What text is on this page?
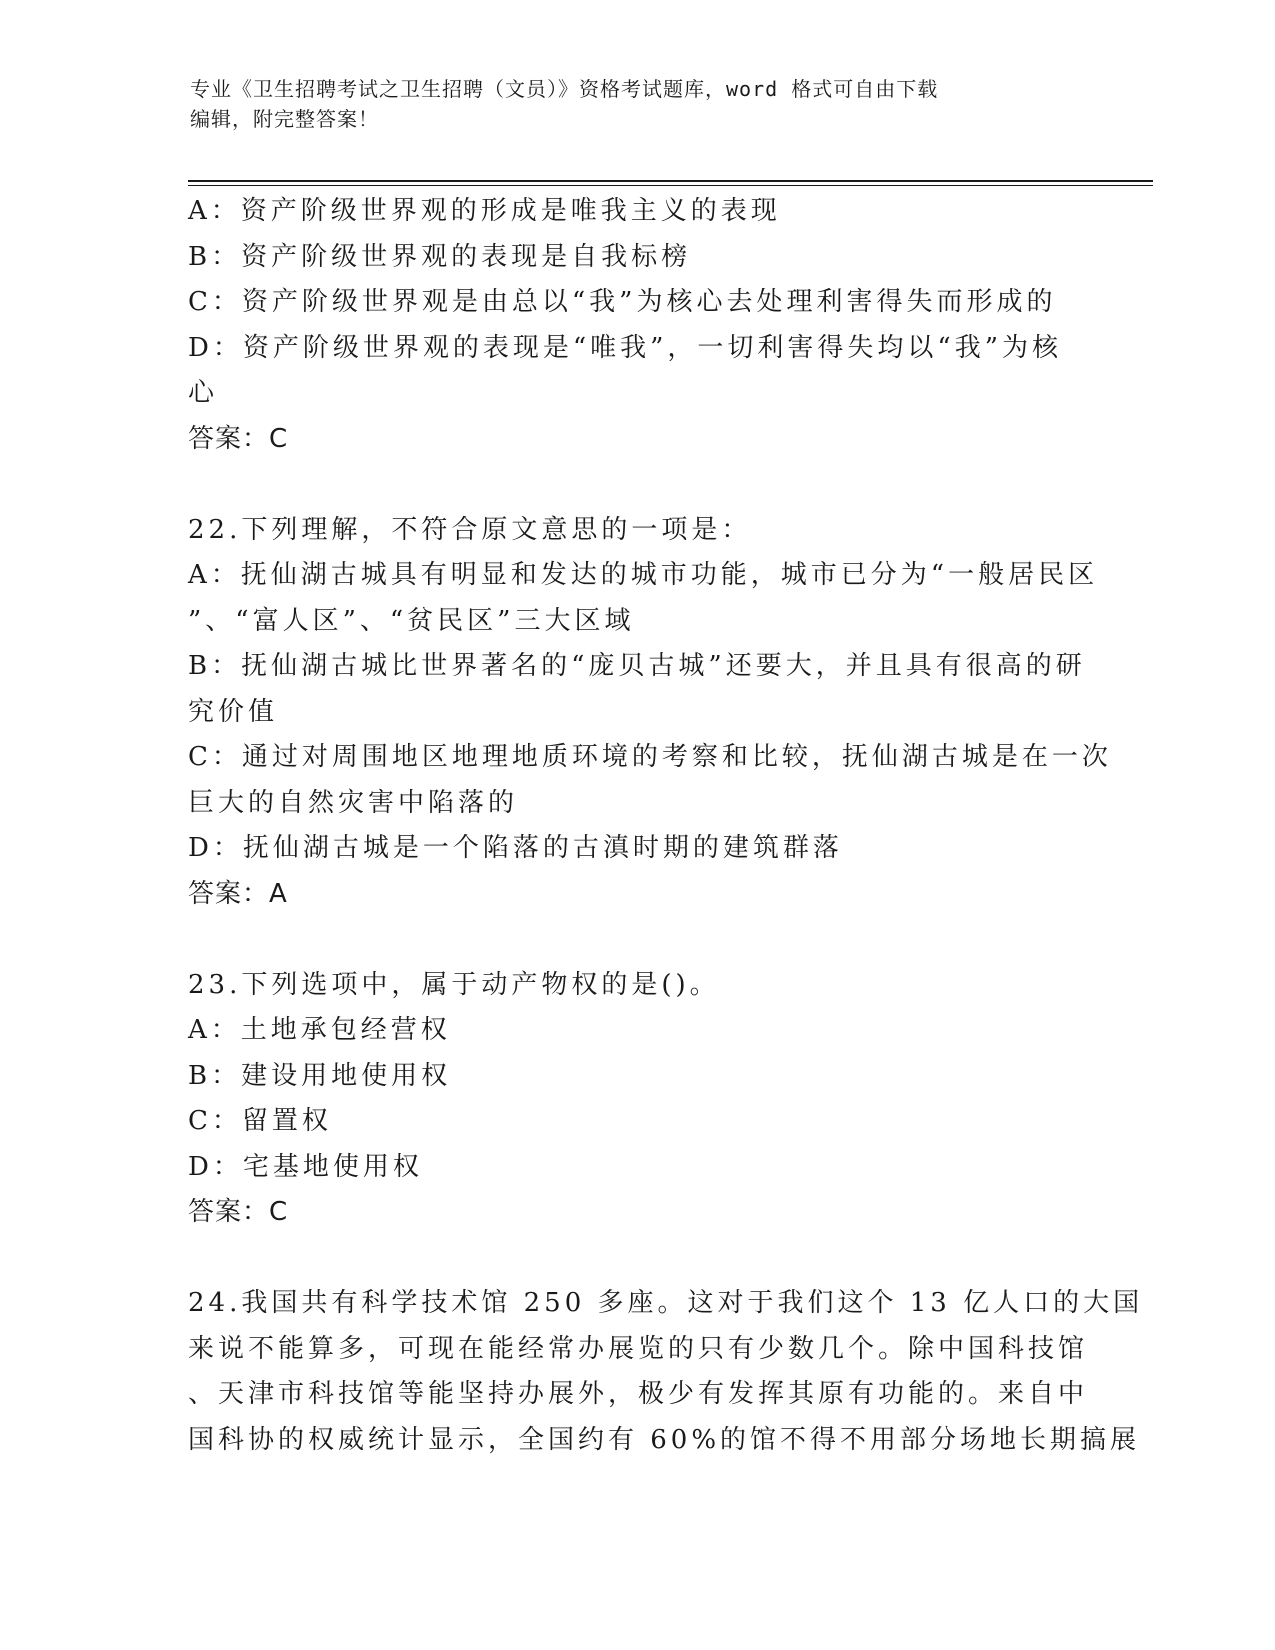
专业《卫生招聘考试之卫生招聘（文员）》资格考试题库，word 格式可自由下载
编辑，附完整答案！
A：资产阶级世界观的形成是唯我主义的表现
B：资产阶级世界观的表现是自我标榜
C：资产阶级世界观是由总以“我”为核心去处理利害得失而形成的
D：资产阶级世界观的表现是“唯我”，一切利害得失均以“我”为核
心
答案：C
22.下列理解，不符合原文意思的一项是：
A：抚仙湖古城具有明显和发达的城市功能，城市已分为“一般居民区
”、“富人区”、“贫民区”三大区域
B：抚仙湖古城比世界著名的“庞贝古城”还要大，并且具有很高的研
究价值
C：通过对周围地区地理地质环境的考察和比较，抚仙湖古城是在一次
巨大的自然灾害中陷落的
D：抚仙湖古城是一个陷落的古滇时期的建筑群落
答案：A
23.下列选项中，属于动产物权的是()。
A：土地承包经营权
B：建设用地使用权
C：留置权
D：宅基地使用权
答案：C
24.我国共有科学技术馆 250 多座。这对于我们这个 13 亿人口的大国
来说不能算多，可现在能经常办展览的只有少数几个。除中国科技馆
、天津市科技馆等能坚持办展外，极少有发挥其原有功能的。来自中
国科协的权威统计显示，全国约有 60%的馆不得不用部分场地长期搞展
